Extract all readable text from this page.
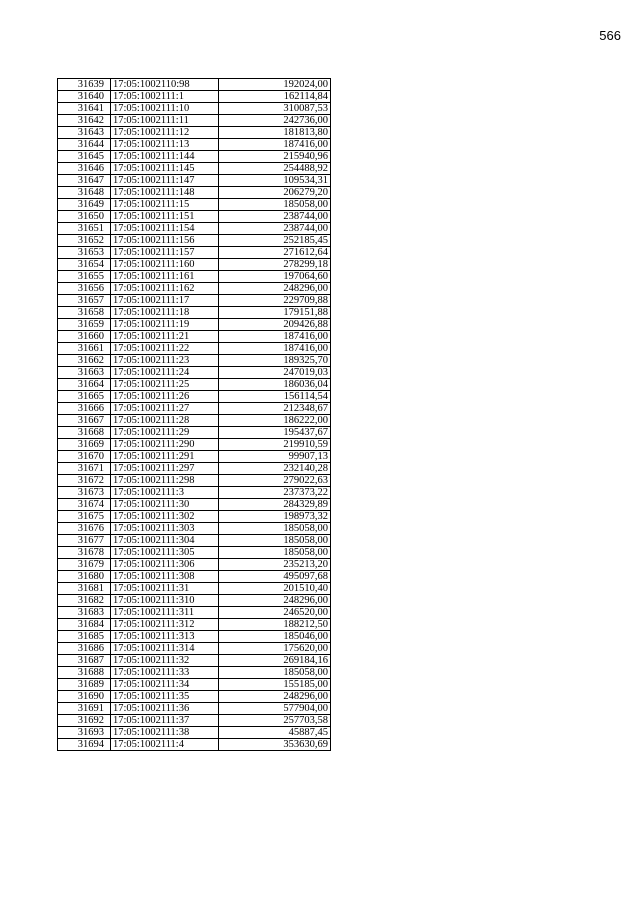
566
31639	17:05:1002110:98	192024,00
31640	17:05:1002111:1	162114,84
31641	17:05:1002111:10	310087,53
31642	17:05:1002111:11	242736,00
31643	17:05:1002111:12	181813,80
31644	17:05:1002111:13	187416,00
31645	17:05:1002111:144	215940,96
31646	17:05:1002111:145	254488,92
31647	17:05:1002111:147	109534,31
31648	17:05:1002111:148	206279,20
31649	17:05:1002111:15	185058,00
31650	17:05:1002111:151	238744,00
31651	17:05:1002111:154	238744,00
31652	17:05:1002111:156	252185,45
31653	17:05:1002111:157	271612,64
31654	17:05:1002111:160	278299,18
31655	17:05:1002111:161	197064,60
31656	17:05:1002111:162	248296,00
31657	17:05:1002111:17	229709,88
31658	17:05:1002111:18	179151,88
31659	17:05:1002111:19	209426,88
31660	17:05:1002111:21	187416,00
31661	17:05:1002111:22	187416,00
31662	17:05:1002111:23	189325,70
31663	17:05:1002111:24	247019,03
31664	17:05:1002111:25	186036,04
31665	17:05:1002111:26	156114,54
31666	17:05:1002111:27	212348,67
31667	17:05:1002111:28	186222,00
31668	17:05:1002111:29	195437,67
31669	17:05:1002111:290	219910,59
31670	17:05:1002111:291	99907,13
31671	17:05:1002111:297	232140,28
31672	17:05:1002111:298	279022,63
31673	17:05:1002111:3	237373,22
31674	17:05:1002111:30	284329,89
31675	17:05:1002111:302	198973,32
31676	17:05:1002111:303	185058,00
31677	17:05:1002111:304	185058,00
31678	17:05:1002111:305	185058,00
31679	17:05:1002111:306	235213,20
31680	17:05:1002111:308	495097,68
31681	17:05:1002111:31	201510,40
31682	17:05:1002111:310	248296,00
31683	17:05:1002111:311	246520,00
31684	17:05:1002111:312	188212,50
31685	17:05:1002111:313	185046,00
31686	17:05:1002111:314	175620,00
31687	17:05:1002111:32	269184,16
31688	17:05:1002111:33	185058,00
31689	17:05:1002111:34	155185,00
31690	17:05:1002111:35	248296,00
31691	17:05:1002111:36	577904,00
31692	17:05:1002111:37	257703,58
31693	17:05:1002111:38	45887,45
31694	17:05:1002111:4	353630,69
